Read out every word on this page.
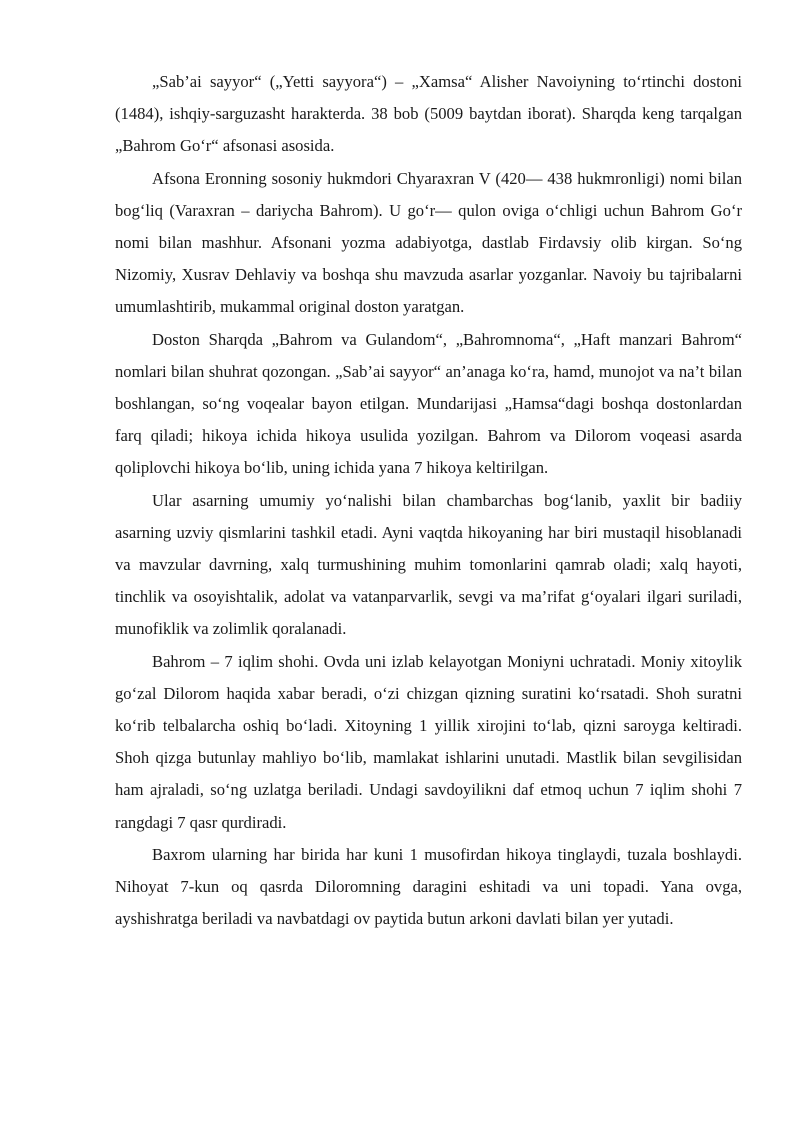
„Sab’ai sayyor“ („Yetti sayyora“) – „Xamsa“ Alisher Navoiyning to‘rtinchi dostoni (1484), ishqiy-sarguzasht harakterda. 38 bob (5009 baytdan iborat). Sharqda keng tarqalgan „Bahrom Go‘r“ afsonasi asosida.

Afsona Eronning sosoniy hukmdori Chyaraxran V (420— 438 hukmronligi) nomi bilan bog‘liq (Varaxran – dariycha Bahrom). U go‘r— qulon oviga o‘chligi uchun Bahrom Go‘r nomi bilan mashhur. Afsonani yozma adabiyotga, dastlab Firdavsiy olib kirgan. So‘ng Nizomiy, Xusrav Dehlaviy va boshqa shu mavzuda asarlar yozganlar. Navoiy bu tajribalarni umumlashtirib, mukammal original doston yaratgan.

Doston Sharqda „Bahrom va Gulandom“, „Bahromnoma“, „Haft manzari Bahrom“ nomlari bilan shuhrat qozongan. „Sab’ai sayyor“ an’anaga ko‘ra, hamd, munojot va na’t bilan boshlangan, so‘ng voqealar bayon etilgan. Mundarijasi „Hamsa“dagi boshqa dostonlardan farq qiladi; hikoya ichida hikoya usulida yozilgan. Bahrom va Dilorom voqeasi asarda qoliplovchi hikoya bo‘lib, uning ichida yana 7 hikoya keltirilgan.

Ular asarning umumiy yo‘nalishi bilan chambarchas bog‘lanib, yaxlit bir badiiy asarning uzviy qismlarini tashkil etadi. Ayni vaqtda hikoyaning har biri mustaqil hisoblanadi va mavzular davrning, xalq turmushining muhim tomonlarini qamrab oladi; xalq hayoti, tinchlik va osoyishtalik, adolat va vatanparvarlik, sevgi va ma’rifat g‘oyalari ilgari suriladi, munofiklik va zolimlik qoralanadi.

Bahrom – 7 iqlim shohi. Ovda uni izlab kelayotgan Moniyni uchratadi. Moniy xitoylik go‘zal Dilorom haqida xabar beradi, o‘zi chizgan qizning suratini ko‘rsatadi. Shoh suratni ko‘rib telbalarcha oshiq bo‘ladi. Xitoyning 1 yillik xirojini to‘lab, qizni saroyga keltiradi. Shoh qizga butunlay mahliyo bo‘lib, mamlakat ishlarini unutadi. Mastlik bilan sevgilisidan ham ajraladi, so‘ng uzlatga beriladi. Undagi savdoyilikni daf etmoq uchun 7 iqlim shohi 7 rangdagi 7 qasr qurdiradi.

Baxrom ularning har birida har kuni 1 musofirdan hikoya tinglaydi, tuzala boshlaydi. Nihoyat 7-kun oq qasrda Diloromning daragini eshitadi va uni topadi. Yana ovga, ayshishratga beriladi va navbatdagi ov paytida butun arkoni davlati bilan yer yutadi.
